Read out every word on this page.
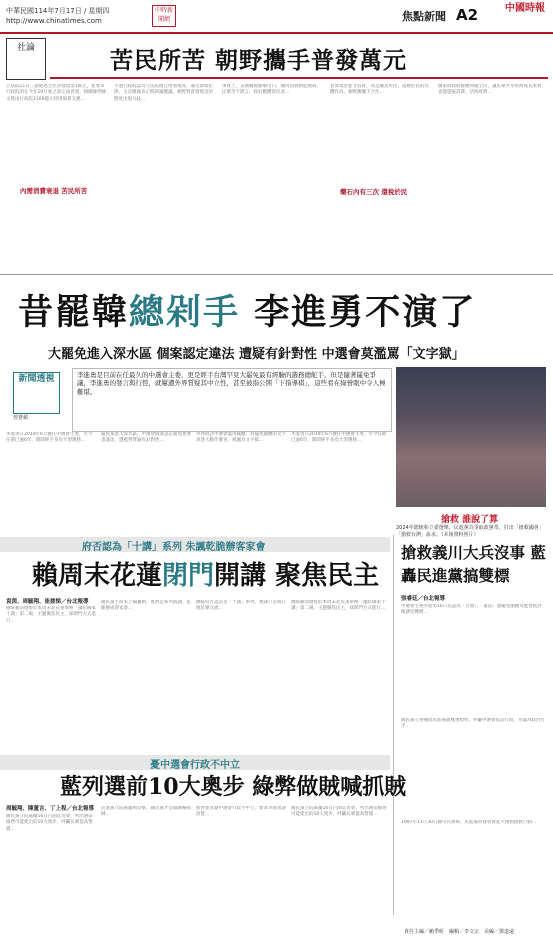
中華民國114年7月17日 / 星期四
http://www.chinatimes.com
中時新聞網	焦點新聞 A2	中國時報
社論	苦民所苦 朝野攜手普發萬元
立法院11日三讀通過全民普發現金1萬元，並要求行政院須在今年10月底之前完成普發，相關條例條文將由行政院2100億元特別預算支應…
內需消費衰退 苦民所苦
不過行政院認為立法院擅自增加預算，違反財政紀律，主計總處表示將研議覆議，朝野對普發現金的態度出現分歧…
事實上，美國關稅衝擊出口，國內消費動能疲弱，民眾苦不堪言，政府應體察民意…
藥石內有三次 還稅於民
普發現金並非浪費，而是藏富於民、還稅於民的具體作為，朝野應攜手合作…
國家財政結餘應回饋全民，讓民眾共享經濟成長果實，也能提振消費、活絡經濟…
昔罷韓總剁手 李進勇不演了
大罷免進入深水區 個案認定違法 遭疑有針對性 中選會莫濫罵「文字獄」
新聞透視
曾薏蘋
李進勇是目前在任最久的中選會主委，更是經手台灣罕見大罷免最有經驗的選務總舵手，但是隨著罷免爭議，李進勇的發言與行徑，就屢遭外界質疑其中立性，甚至被指公開「下指導棋」，這些看在綠營眼中令人極難堪。
李進勇在2019年6月獲任中選會主委，至今任期已逾6年，期間經手多次大型選務…
罷免案進入深水區，中選會個案認定罷免連署書違法，遭藍營質疑有針對性…
外界批評中選會濫用職權，對罷免團體的文字表述大動作審查，被諷為文字獄…
李進勇在2019年6月獲任中選會主委，至今任期已逾6年，期間經手多次大型選務…
搶救 誰說了算
2024年總統和立委選舉，民進黨為爭取政黨票，打出「搶救國會」「搶救台灣」訴求。（本報資料照片）
府否認為「十講」系列 朱諷乾脆辦客家會
賴周末花蓮閉門開講 聚焦民主
袁茵、周毓翔、崔慈悌／台北報導
總統賴清德將於本周末赴花蓮舉辦「團結國家十講」第二場，主題聚焦民主，採閉門方式進行…
國民黨主席朱立倫諷刺，既然是系列演講，乾脆辦成客家會…
總統府否認這是「十講」系列，強調只是與在地民眾交流…
總統賴清德將於本周末赴花蓮舉辦「團結國家十講」第二場，主題聚焦民主，採閉門方式進行…
搶救義川大兵沒事 藍轟民進黨搞雙標
張睿廷／台北報導
中選會主委李進勇16日先認為「告發」、「違法」遭罷免團體及藍營批評後態度轉變…
國民黨立委痛批民進黨搞雙重標準，呼籲中選會依法行政，勿淪為政治打手…
1997年11月30日縣市長選舉，民進黨同樣曾發起大規模搶救行動…
憂中選會行政不中立
藍列選前10大奧步 綠弊做賊喊抓賊
周毓翔、陳董言、丁上程／台北報導
國民黨立院黨團16日召開記者會，列出選前綠營可能使出的10大奧步，呼籲民眾提高警覺…
民進黨立院黨團則反擊，國民黨才是做賊喊抓賊…
藍營並質疑中選會行政不中立，要求李進勇說清楚…
國民黨立院黨團16日召開記者會，列出選前綠營可能使出的10大奧步，呼籲民眾提高警覺…
責任主編／賴季昕　編輯／李文宗　美編／鄧道遠
